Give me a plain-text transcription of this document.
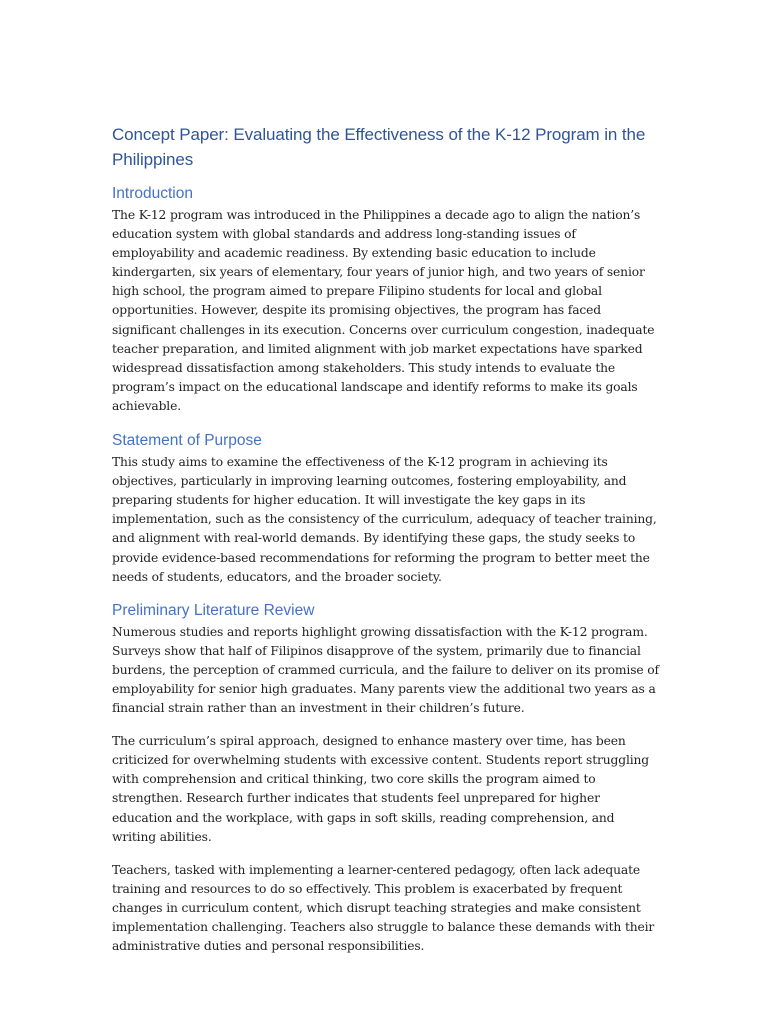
Concept Paper: Evaluating the Effectiveness of the K-12 Program in the Philippines
Introduction

The K-12 program was introduced in the Philippines a decade ago to align the nation’s education system with global standards and address long-standing issues of employability and academic readiness. By extending basic education to include kindergarten, six years of elementary, four years of junior high, and two years of senior high school, the program aimed to prepare Filipino students for local and global opportunities. However, despite its promising objectives, the program has faced significant challenges in its execution. Concerns over curriculum congestion, inadequate teacher preparation, and limited alignment with job market expectations have sparked widespread dissatisfaction among stakeholders. This study intends to evaluate the program’s impact on the educational landscape and identify reforms to make its goals achievable.

Statement of Purpose

This study aims to examine the effectiveness of the K-12 program in achieving its objectives, particularly in improving learning outcomes, fostering employability, and preparing students for higher education. It will investigate the key gaps in its implementation, such as the consistency of the curriculum, adequacy of teacher training, and alignment with real-world demands. By identifying these gaps, the study seeks to provide evidence-based recommendations for reforming the program to better meet the needs of students, educators, and the broader society.

Preliminary Literature Review

Numerous studies and reports highlight growing dissatisfaction with the K-12 program. Surveys show that half of Filipinos disapprove of the system, primarily due to financial burdens, the perception of crammed curricula, and the failure to deliver on its promise of employability for senior high graduates. Many parents view the additional two years as a financial strain rather than an investment in their children’s future.

The curriculum’s spiral approach, designed to enhance mastery over time, has been criticized for overwhelming students with excessive content. Students report struggling with comprehension and critical thinking, two core skills the program aimed to strengthen. Research further indicates that students feel unprepared for higher education and the workplace, with gaps in soft skills, reading comprehension, and writing abilities.

Teachers, tasked with implementing a learner-centered pedagogy, often lack adequate training and resources to do so effectively. This problem is exacerbated by frequent changes in curriculum content, which disrupt teaching strategies and make consistent implementation challenging. Teachers also struggle to balance these demands with their administrative duties and personal responsibilities.
